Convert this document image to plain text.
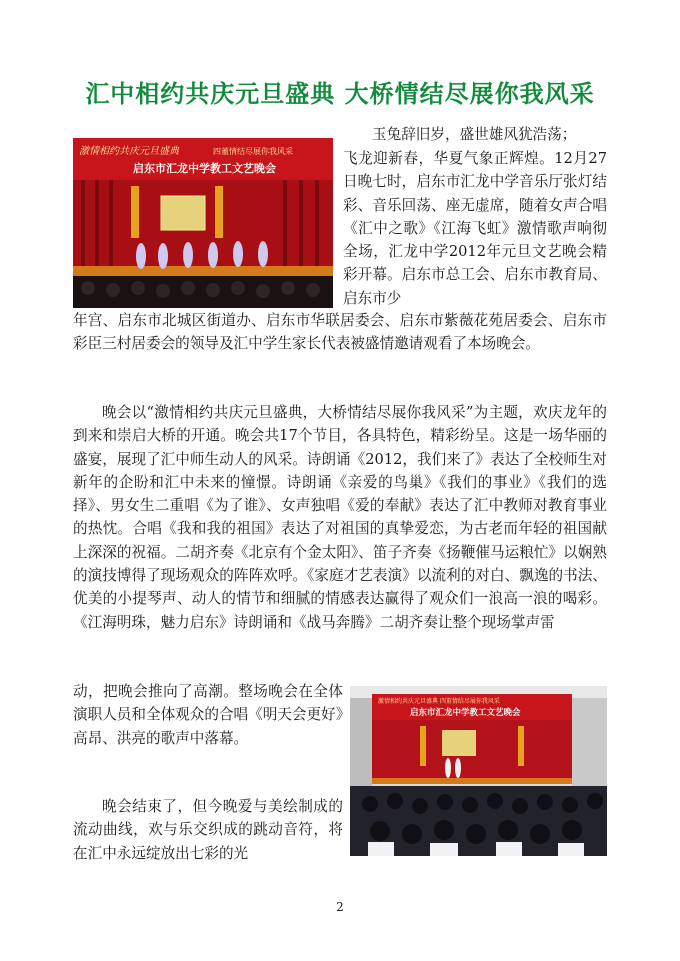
汇中相约共庆元旦盛典 大桥情结尽展你我风采
激情相约共庆元旦盛典	四董情结尽展你我风采
启东市汇龙中学教工文艺晚会

玉兔辞旧岁，盛世雄风犹浩荡；

飞龙迎新春，华夏气象正辉煌。12月27日晚七时，启东市汇龙中学音乐厅张灯结彩、音乐回荡、座无虚席，随着女声合唱《汇中之歌》《江海飞虹》激情歌声响彻全场，汇龙中学2012年元旦文艺晚会精彩开幕。启东市总工会、启东市教育局、启东市少

年宫、启东市北城区街道办、启东市华联居委会、启东市紫薇花苑居委会、启东市彩臣三村居委会的领导及汇中学生家长代表被盛情邀请观看了本场晚会。

晚会以“激情相约共庆元旦盛典，大桥情结尽展你我风采”为主题，欢庆龙年的到来和崇启大桥的开通。晚会共17个节目，各具特色，精彩纷呈。这是一场华丽的盛宴，展现了汇中师生动人的风采。诗朗诵《2012，我们来了》表达了全校师生对新年的企盼和汇中未来的憧憬。诗朗诵《亲爱的鸟巢》《我们的事业》《我们的选择》、男女生二重唱《为了谁》、女声独唱《爱的奉献》表达了汇中教师对教育事业的热忱。合唱《我和我的祖国》表达了对祖国的真挚爱恋，为古老而年轻的祖国献上深深的祝福。二胡齐奏《北京有个金太阳》、笛子齐奏《扬鞭催马运粮忙》以娴熟的演技博得了现场观众的阵阵欢呼。《家庭才艺表演》以流利的对白、飘逸的书法、优美的小提琴声、动人的情节和细腻的情感表达赢得了观众们一浪高一浪的喝彩。《江海明珠，魅力启东》诗朗诵和《战马奔腾》二胡齐奏让整个现场掌声雷

动，把晚会推向了高潮。整场晚会在全体演职人员和全体观众的合唱《明天会更好》高昂、洪亮的歌声中落幕。

晚会结束了，但今晚爱与美绘制成的流动曲线，欢与乐交织成的跳动音符，将在汇中永远绽放出七彩的光

激情相约共庆元旦盛典 四董情结尽展你我风采
启东市汇龙中学教工文艺晚会
2
